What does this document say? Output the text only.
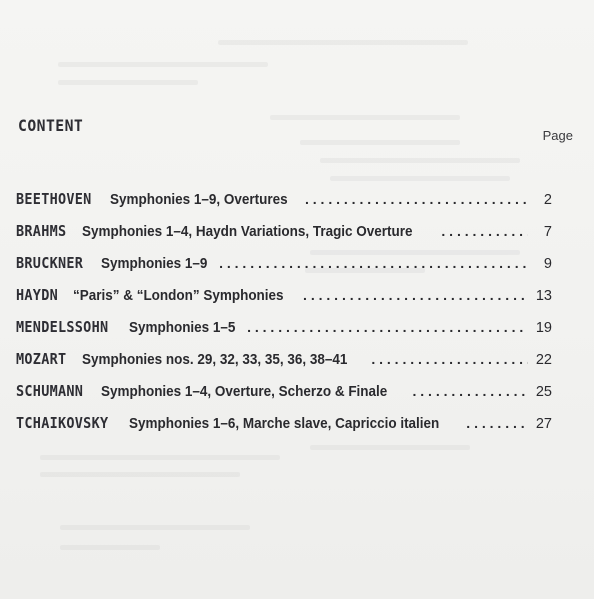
CONTENT
Page
BEETHOVEN Symphonies 1–9, Overtures . . .	2
BRAHMS Symphonies 1–4, Haydn Variations, Tragic Overture . . .	7
BRUCKNER Symphonies 1–9 . . .	9
HAYDN “Paris” & “London” Symphonies . . .	13
MENDELSSOHN Symphonies 1–5 . . .	19
MOZART Symphonies nos. 29, 32, 33, 35, 36, 38–41 . . .	22
SCHUMANN Symphonies 1–4, Overture, Scherzo & Finale . . .	25
TCHAIKOVSKY Symphonies 1–6, Marche slave, Capriccio italien . . .	27
